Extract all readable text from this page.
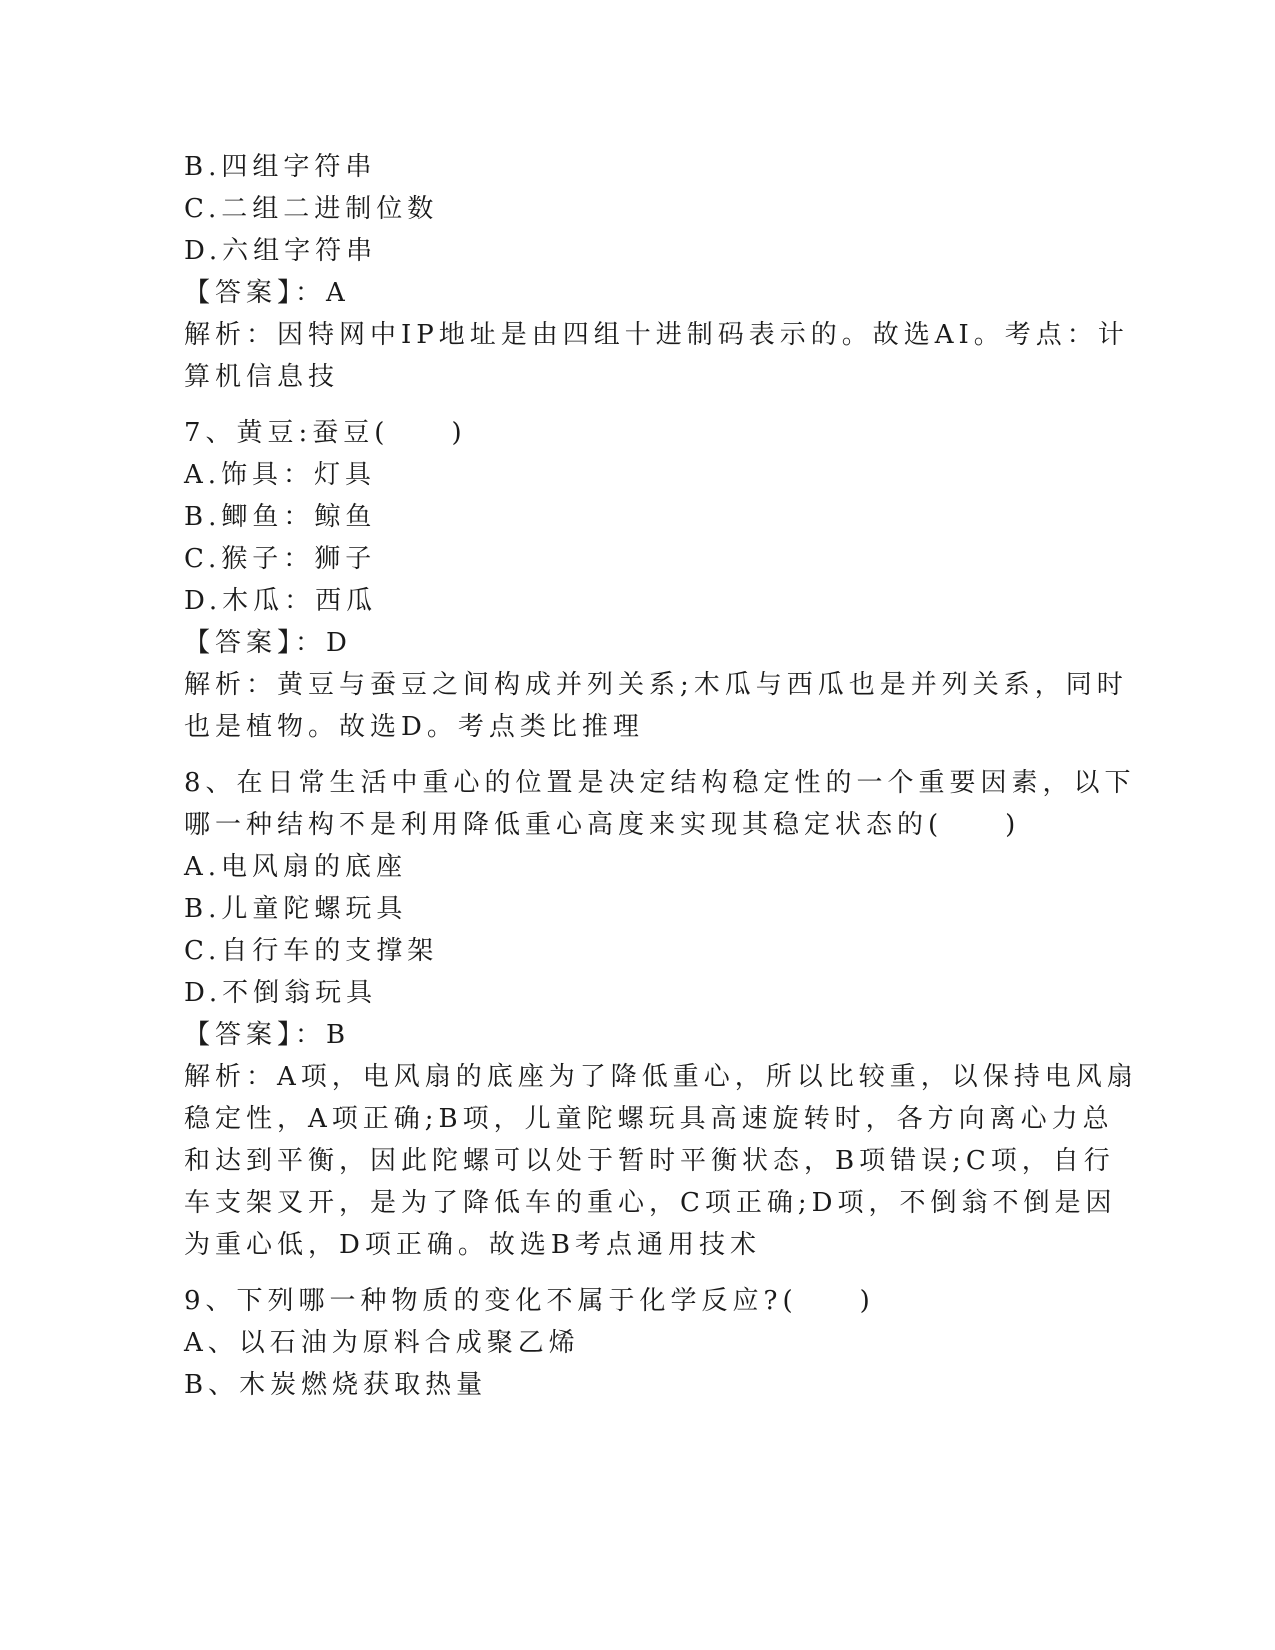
B.四组字符串
C.二组二进制位数
D.六组字符串
【答案】：A
解析：因特网中IP地址是由四组十进制码表示的。故选AI。考点：计
算机信息技
7、黄豆:蚕豆(　　)
A.饰具：灯具
B.鲫鱼：鲸鱼
C.猴子：狮子
D.木瓜：西瓜
【答案】：D
解析：黄豆与蚕豆之间构成并列关系;木瓜与西瓜也是并列关系，同时
也是植物。故选D。考点类比推理
8、在日常生活中重心的位置是决定结构稳定性的一个重要因素，以下
哪一种结构不是利用降低重心高度来实现其稳定状态的(　　)
A.电风扇的底座
B.儿童陀螺玩具
C.自行车的支撑架
D.不倒翁玩具
【答案】：B
解析：A项，电风扇的底座为了降低重心，所以比较重，以保持电风扇
稳定性，A项正确;B项，儿童陀螺玩具高速旋转时，各方向离心力总
和达到平衡，因此陀螺可以处于暂时平衡状态，B项错误;C项，自行
车支架叉开，是为了降低车的重心，C项正确;D项，不倒翁不倒是因
为重心低，D项正确。故选B考点通用技术
9、下列哪一种物质的变化不属于化学反应?(　　)
A、以石油为原料合成聚乙烯
B、木炭燃烧获取热量
